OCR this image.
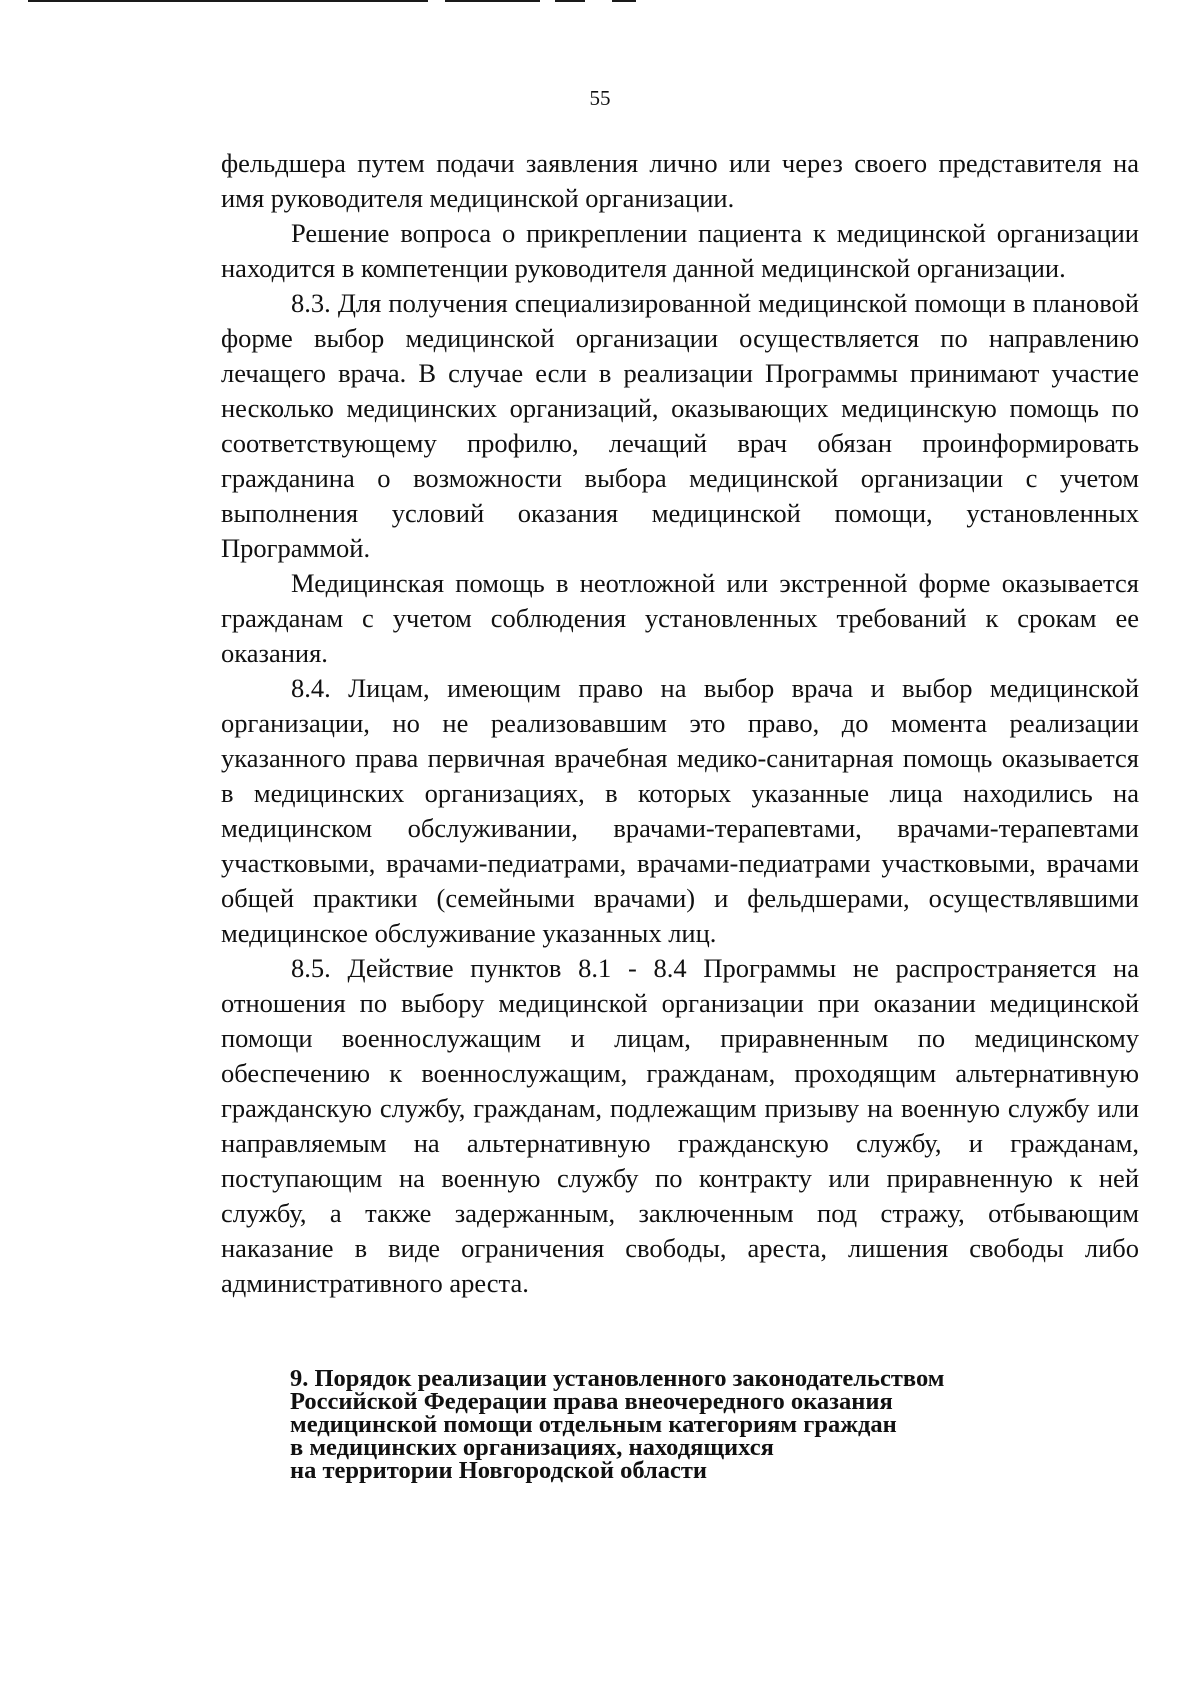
55

фельдшера путем подачи заявления лично или через своего представителя на имя руководителя медицинской организации.

Решение вопроса о прикреплении пациента к медицинской организации находится в компетенции руководителя данной медицинской организации.

8.3. Для получения специализированной медицинской помощи в плановой форме выбор медицинской организации осуществляется по направлению лечащего врача. В случае если в реализации Программы принимают участие несколько медицинских организаций, оказывающих медицинскую помощь по соответствующему профилю, лечащий врач обязан проинформировать гражданина о возможности выбора медицинской организации с учетом выполнения условий оказания медицинской помощи, установленных Программой.

Медицинская помощь в неотложной или экстренной форме оказывается гражданам с учетом соблюдения установленных требований к срокам ее оказания.

8.4. Лицам, имеющим право на выбор врача и выбор медицинской организации, но не реализовавшим это право, до момента реализации указанного права первичная врачебная медико-санитарная помощь оказывается в медицинских организациях, в которых указанные лица находились на медицинском обслуживании, врачами-терапевтами, врачами-терапевтами участковыми, врачами-педиатрами, врачами-педиатрами участковыми, врачами общей практики (семейными врачами) и фельдшерами, осуществлявшими медицинское обслуживание указанных лиц.

8.5. Действие пунктов 8.1 - 8.4 Программы не распространяется на отношения по выбору медицинской организации при оказании медицинской помощи военнослужащим и лицам, приравненным по медицинскому обеспечению к военнослужащим, гражданам, проходящим альтернативную гражданскую службу, гражданам, подлежащим призыву на военную службу или направляемым на альтернативную гражданскую службу, и гражданам, поступающим на военную службу по контракту или приравненную к ней службу, а также задержанным, заключенным под стражу, отбывающим наказание в виде ограничения свободы, ареста, лишения свободы либо административного ареста.

9. Порядок реализации установленного законодательством
Российской Федерации права внеочередного оказания
медицинской помощи отдельным категориям граждан
в медицинских организациях, находящихся
на территории Новгородской области
